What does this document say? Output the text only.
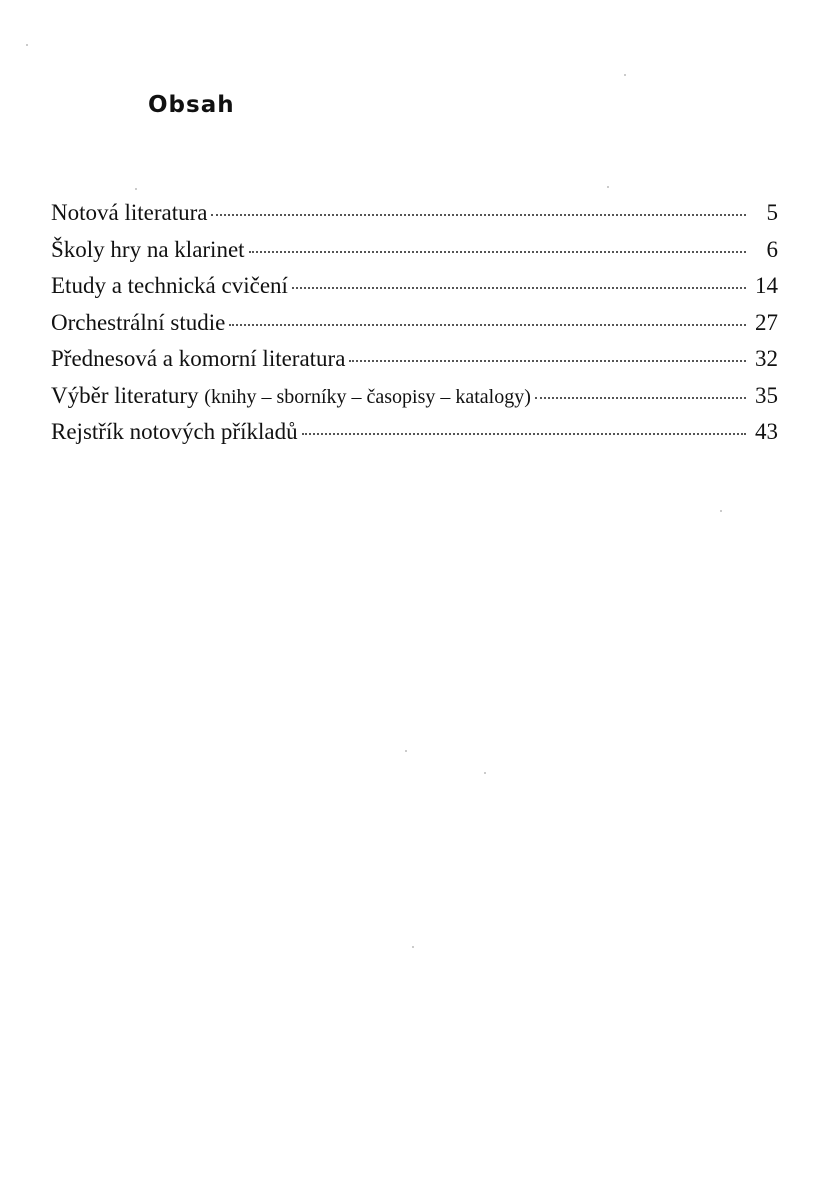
Obsah
Notová literatura	5
Školy hry na klarinet	6
Etudy a technická cvičení	14
Orchestrální studie	27
Přednesová a komorní literatura	32
Výběr literatury (knihy – sborníky – časopisy – katalogy)	35
Rejstřík notových příkladů	43
